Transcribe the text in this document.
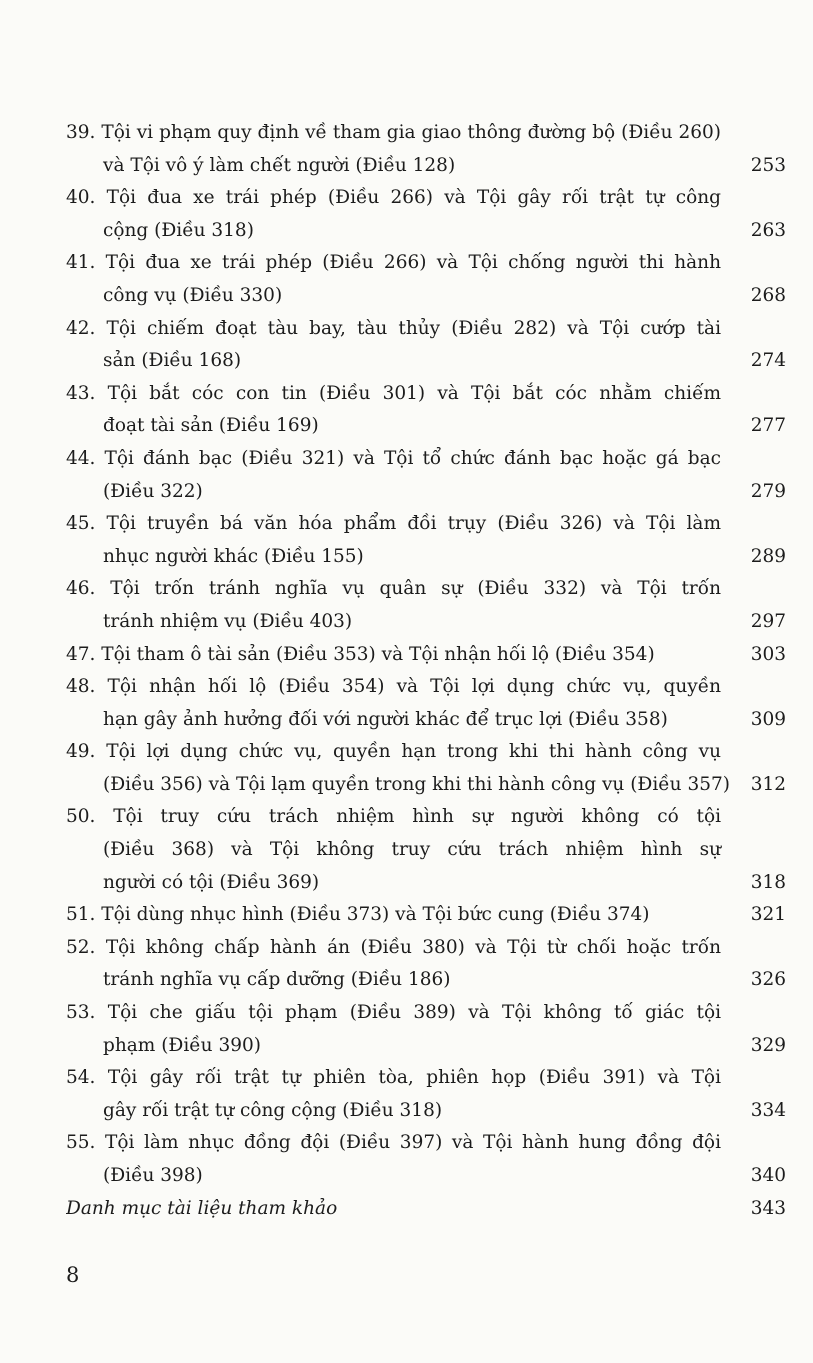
39. Tội vi phạm quy định về tham gia giao thông đường bộ (Điều 260)
và Tội vô ý làm chết người (Điều 128)	253
40. Tội đua xe trái phép (Điều 266) và Tội gây rối trật tự công
cộng (Điều 318)	263
41. Tội đua xe trái phép (Điều 266) và Tội chống người thi hành
công vụ (Điều 330)	268
42. Tội chiếm đoạt tàu bay, tàu thủy (Điều 282) và Tội cướp tài
sản (Điều 168)	274
43. Tội bắt cóc con tin (Điều 301) và Tội bắt cóc nhằm chiếm
đoạt tài sản (Điều 169)	277
44. Tội đánh bạc (Điều 321) và Tội tổ chức đánh bạc hoặc gá bạc
(Điều 322)	279
45. Tội truyền bá văn hóa phẩm đồi trụy (Điều 326) và Tội làm
nhục người khác (Điều 155)	289
46. Tội trốn tránh nghĩa vụ quân sự (Điều 332) và Tội trốn
tránh nhiệm vụ (Điều 403)	297
47. Tội tham ô tài sản (Điều 353) và Tội nhận hối lộ (Điều 354)	303
48. Tội nhận hối lộ (Điều 354) và Tội lợi dụng chức vụ, quyền
hạn gây ảnh hưởng đối với người khác để trục lợi (Điều 358)	309
49. Tội lợi dụng chức vụ, quyền hạn trong khi thi hành công vụ
(Điều 356) và Tội lạm quyền trong khi thi hành công vụ (Điều 357)	312
50. Tội truy cứu trách nhiệm hình sự người không có tội
(Điều 368) và Tội không truy cứu trách nhiệm hình sự
người có tội (Điều 369)	318
51. Tội dùng nhục hình (Điều 373) và Tội bức cung (Điều 374)	321
52. Tội không chấp hành án (Điều 380) và Tội từ chối hoặc trốn
tránh nghĩa vụ cấp dưỡng (Điều 186)	326
53. Tội che giấu tội phạm (Điều 389) và Tội không tố giác tội
phạm (Điều 390)	329
54. Tội gây rối trật tự phiên tòa, phiên họp (Điều 391) và Tội
gây rối trật tự công cộng (Điều 318)	334
55. Tội làm nhục đồng đội (Điều 397) và Tội hành hung đồng đội
(Điều 398)	340
Danh mục tài liệu tham khảo	343
8
